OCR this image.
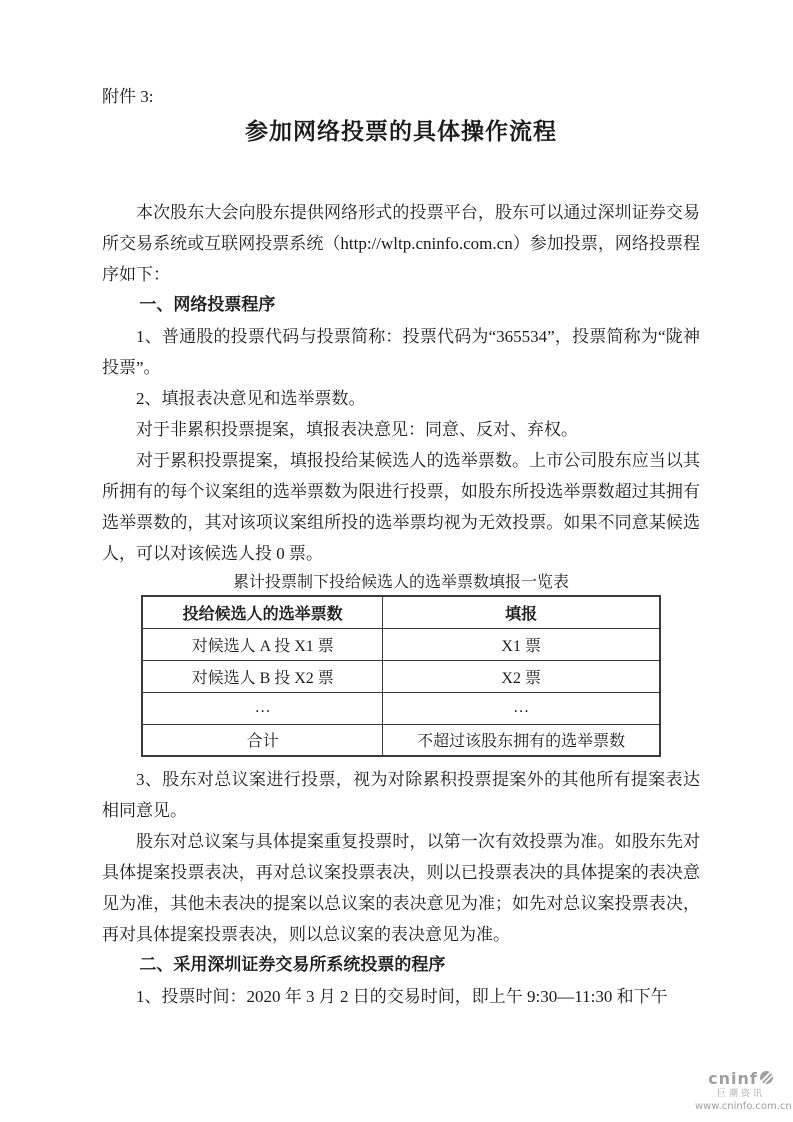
附件 3:
参加网络投票的具体操作流程

本次股东大会向股东提供网络形式的投票平台，股东可以通过深圳证券交易所交易系统或互联网投票系统（http://wltp.cninfo.com.cn）参加投票，网络投票程序如下：

一、网络投票程序

1、普通股的投票代码与投票简称：投票代码为“365534”，投票简称为“陇神投票”。

2、填报表决意见和选举票数。

对于非累积投票提案，填报表决意见：同意、反对、弃权。

对于累积投票提案，填报投给某候选人的选举票数。上市公司股东应当以其所拥有的每个议案组的选举票数为限进行投票，如股东所投选举票数超过其拥有选举票数的，其对该项议案组所投的选举票均视为无效投票。如果不同意某候选人，可以对该候选人投 0 票。

累计投票制下投给候选人的选举票数填报一览表
投给候选人的选举票数	填报
对候选人 A 投 X1 票	X1 票
对候选人 B 投 X2 票	X2 票
…	…
合计	不超过该股东拥有的选举票数

3、股东对总议案进行投票，视为对除累积投票提案外的其他所有提案表达相同意见。

股东对总议案与具体提案重复投票时，以第一次有效投票为准。如股东先对具体提案投票表决，再对总议案投票表决，则以已投票表决的具体提案的表决意见为准，其他未表决的提案以总议案的表决意见为准；如先对总议案投票表决，再对具体提案投票表决，则以总议案的表决意见为准。

二、采用深圳证券交易所系统投票的程序

1、投票时间：2020 年 3 月 2 日的交易时间，即上午 9:30—11:30 和下午

cninf
巨潮资讯
www.cninfo.com.cn
